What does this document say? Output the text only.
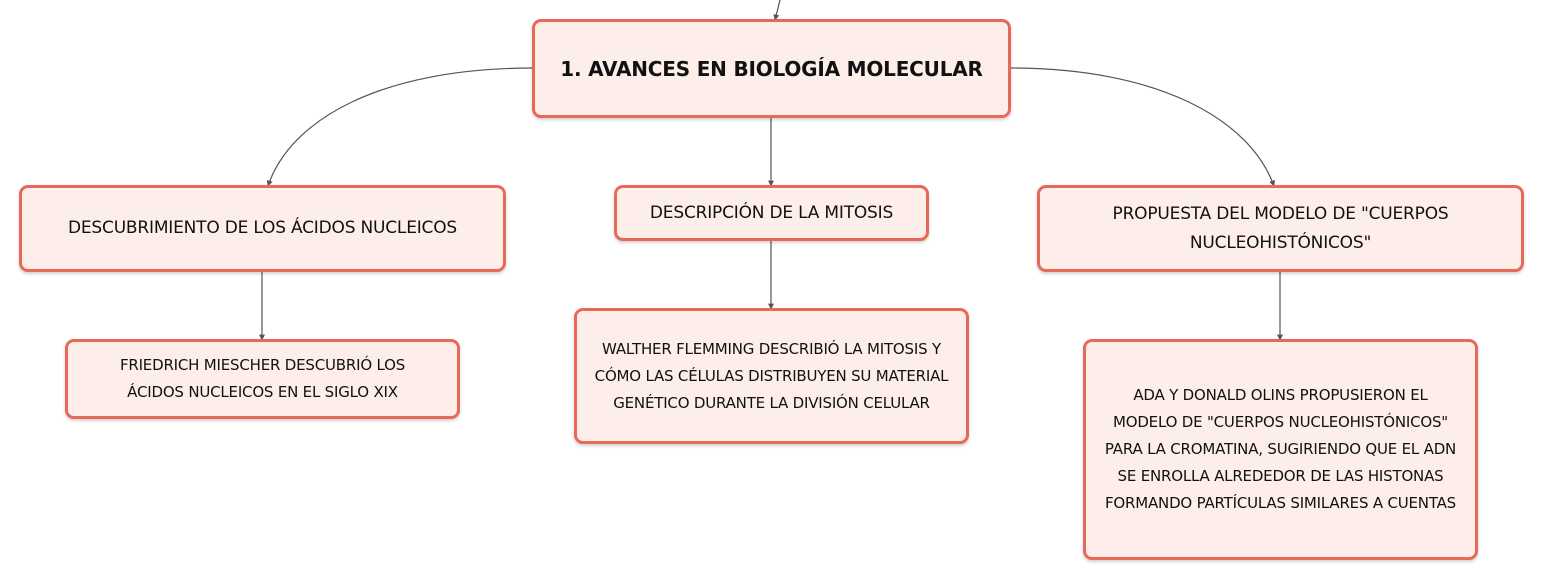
1. AVANCES EN BIOLOGÍA MOLECULAR
DESCUBRIMIENTO DE LOS ÁCIDOS NUCLEICOS
DESCRIPCIÓN DE LA MITOSIS	PROPUESTA DEL MODELO DE "CUERPOS NUCLEOHISTÓNICOS"
FRIEDRICH MIESCHER DESCUBRIÓ LOS ÁCIDOS NUCLEICOS EN EL SIGLO XIX
WALTHER FLEMMING DESCRIBIÓ LA MITOSIS Y CÓMO LAS CÉLULAS DISTRIBUYEN SU MATERIAL GENÉTICO DURANTE LA DIVISIÓN CELULAR	ADA Y DONALD OLINS PROPUSIERON EL MODELO DE "CUERPOS NUCLEOHISTÓNICOS" PARA LA CROMATINA, SUGIRIENDO QUE EL ADN SE ENROLLA ALREDEDOR DE LAS HISTONAS FORMANDO PARTÍCULAS SIMILARES A CUENTAS
